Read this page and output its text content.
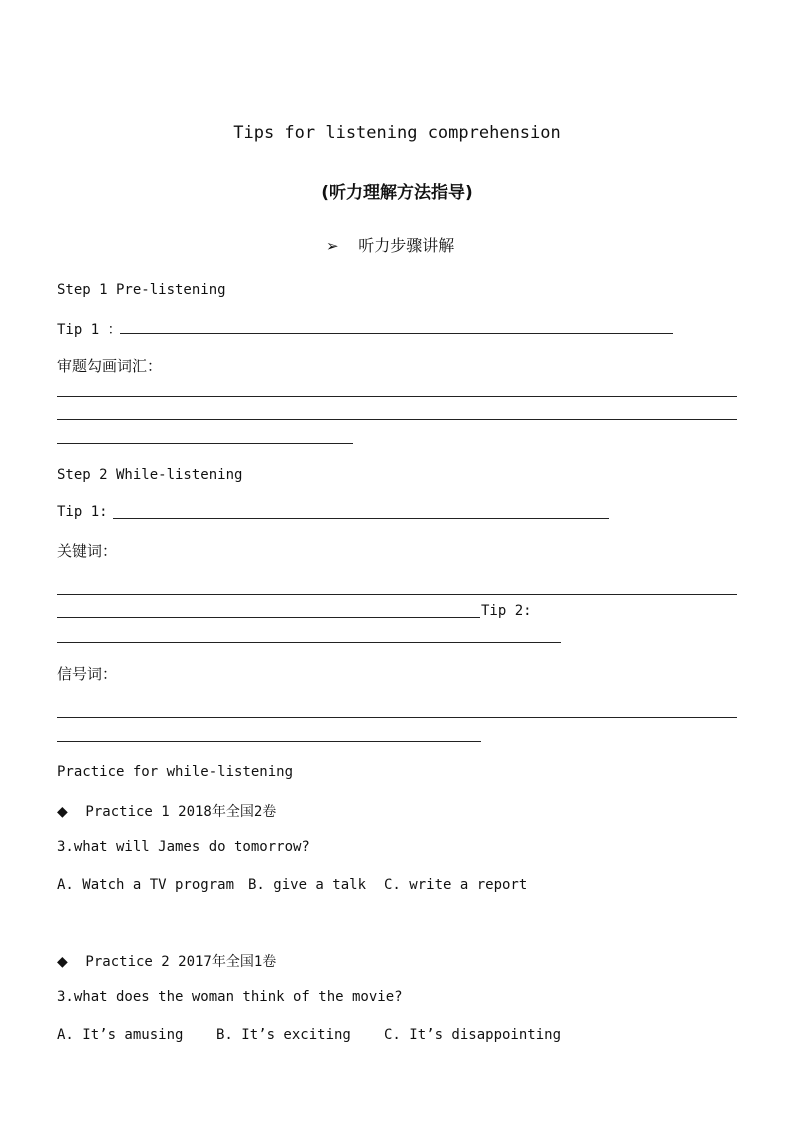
Tips for listening comprehension
(听力理解方法指导)
➢ 听力步骤讲解
Step 1 Pre-listening
Tip 1 ：
审题勾画词汇：
Step 2 While-listening
Tip 1:
关键词：
Tip 2:
信号词：
Practice for while-listening
◆ Practice 1 2018年全国2卷
3.what will James do tomorrow?
A. Watch a TV program B. give a talk C. write a report
◆ Practice 2 2017年全国1卷
3.what does the woman think of the movie?
A. It’s amusing B. It’s exciting C. It’s disappointing
